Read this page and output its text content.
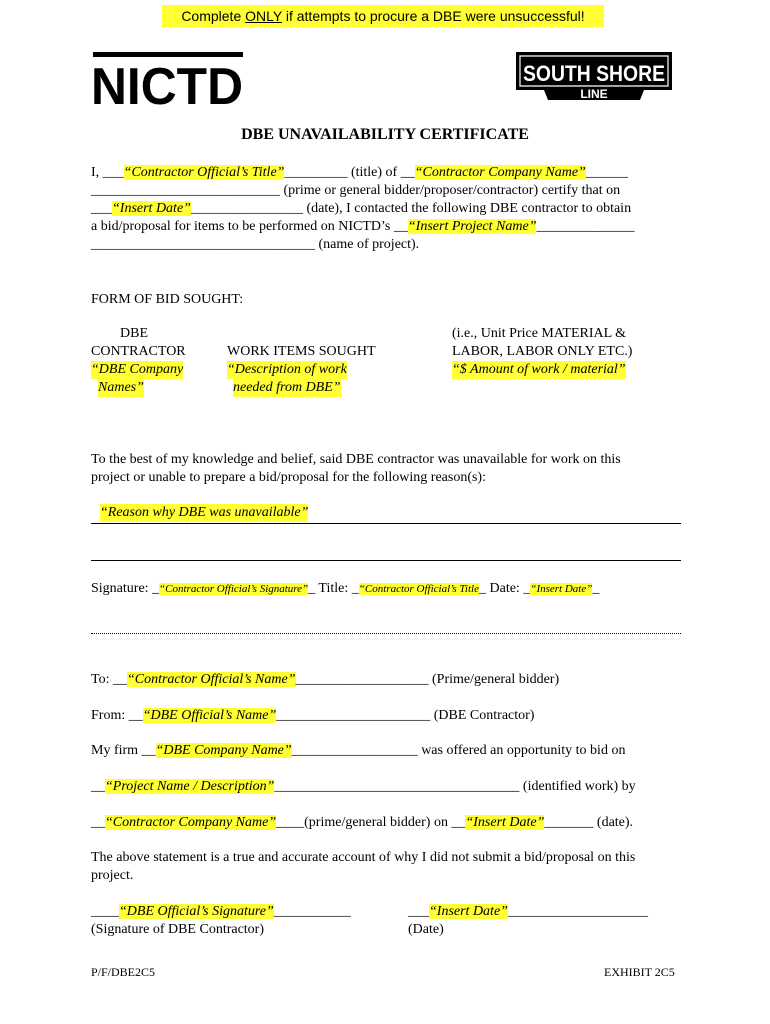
Complete ONLY if attempts to procure a DBE were unsuccessful!
NICTD	SOUTH SHORE
LINE
DBE UNAVAILABILITY CERTIFICATE
I, ___“Contractor Official’s Title”_________ (title) of __“Contractor Company Name”______
___________________________ (prime or general bidder/proposer/contractor) certify that on
___“Insert Date”________________ (date), I contacted the following DBE contractor to obtain
a bid/proposal for items to be performed on NICTD’s __“Insert Project Name”______________
________________________________ (name of project).
FORM OF BID SOUGHT:
DBE
CONTRACTOR
“DBE Company
Names”
WORK ITEMS SOUGHT
“Description of work
needed from DBE”
(i.e., Unit Price MATERIAL &
LABOR, LABOR ONLY ETC.)
“$ Amount of work / material”
To the best of my knowledge and belief, said DBE contractor was unavailable for work on this
project or unable to prepare a bid/proposal for the following reason(s):
“Reason why DBE was unavailable”
Signature: _“Contractor Official’s Signature”_ Title: _“Contractor Official’s Title_ Date: _“Insert Date”_
To: __“Contractor Official’s Name”___________________ (Prime/general bidder)
From: __“DBE Official’s Name”______________________ (DBE Contractor)
My firm __“DBE Company Name”__________________ was offered an opportunity to bid on
__“Project Name / Description”___________________________________ (identified work) by
__“Contractor Company Name”____(prime/general bidder) on __“Insert Date”_______ (date).
The above statement is a true and accurate account of why I did not submit a bid/proposal on this
project.
____“DBE Official’s Signature”___________
(Signature of DBE Contractor)
___“Insert Date”____________________
(Date)
P/F/DBE2C5	EXHIBIT 2C5
